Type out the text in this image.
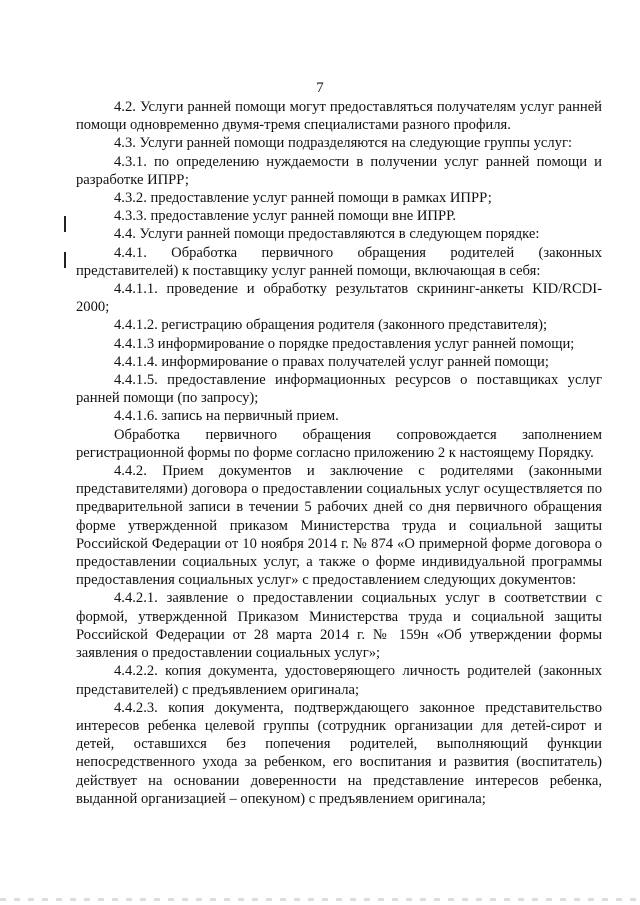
7

4.2. Услуги ранней помощи могут предоставляться получателям услуг ранней помощи одновременно двумя-тремя специалистами разного профиля.

4.3. Услуги ранней помощи подразделяются на следующие группы услуг:

4.3.1. по определению нуждаемости в получении услуг ранней помощи и разработке ИПРР;

4.3.2. предоставление услуг ранней помощи в рамках ИПРР;

4.3.3. предоставление услуг ранней помощи вне ИПРР.

4.4. Услуги ранней помощи предоставляются в следующем порядке:

4.4.1. Обработка первичного обращения родителей (законных представителей) к поставщику услуг ранней помощи, включающая в себя:

4.4.1.1. проведение и обработку результатов скрининг-анкеты KID/RCDI-2000;

4.4.1.2. регистрацию обращения родителя (законного представителя);

4.4.1.3 информирование о порядке предоставления услуг ранней помощи;

4.4.1.4. информирование о правах получателей услуг ранней помощи;

4.4.1.5. предоставление информационных ресурсов о поставщиках услуг ранней помощи (по запросу);

4.4.1.6. запись на первичный прием.

Обработка первичного обращения сопровождается заполнением регистрационной формы по форме согласно приложению 2 к настоящему Порядку.

4.4.2. Прием документов и заключение с родителями (законными представителями) договора о предоставлении социальных услуг осуществляется по предварительной записи в течении 5 рабочих дней со дня первичного обращения форме утвержденной приказом Министерства труда и социальной защиты Российской Федерации от 10 ноября 2014 г. № 874 «О примерной форме договора о предоставлении социальных услуг, а также о форме индивидуальной программы предоставления социальных услуг» с предоставлением следующих документов:

4.4.2.1. заявление о предоставлении социальных услуг в соответствии с формой, утвержденной Приказом Министерства труда и социальной защиты Российской Федерации от 28 марта 2014 г. № 159н «Об утверждении формы заявления о предоставлении социальных услуг»;

4.4.2.2. копия документа, удостоверяющего личность родителей (законных представителей) с предъявлением оригинала;

4.4.2.3. копия документа, подтверждающего законное представительство интересов ребенка целевой группы (сотрудник организации для детей-сирот и детей, оставшихся без попечения родителей, выполняющий функции непосредственного ухода за ребенком, его воспитания и развития (воспитатель) действует на основании доверенности на представление интересов ребенка, выданной организацией – опекуном) с предъявлением оригинала;
